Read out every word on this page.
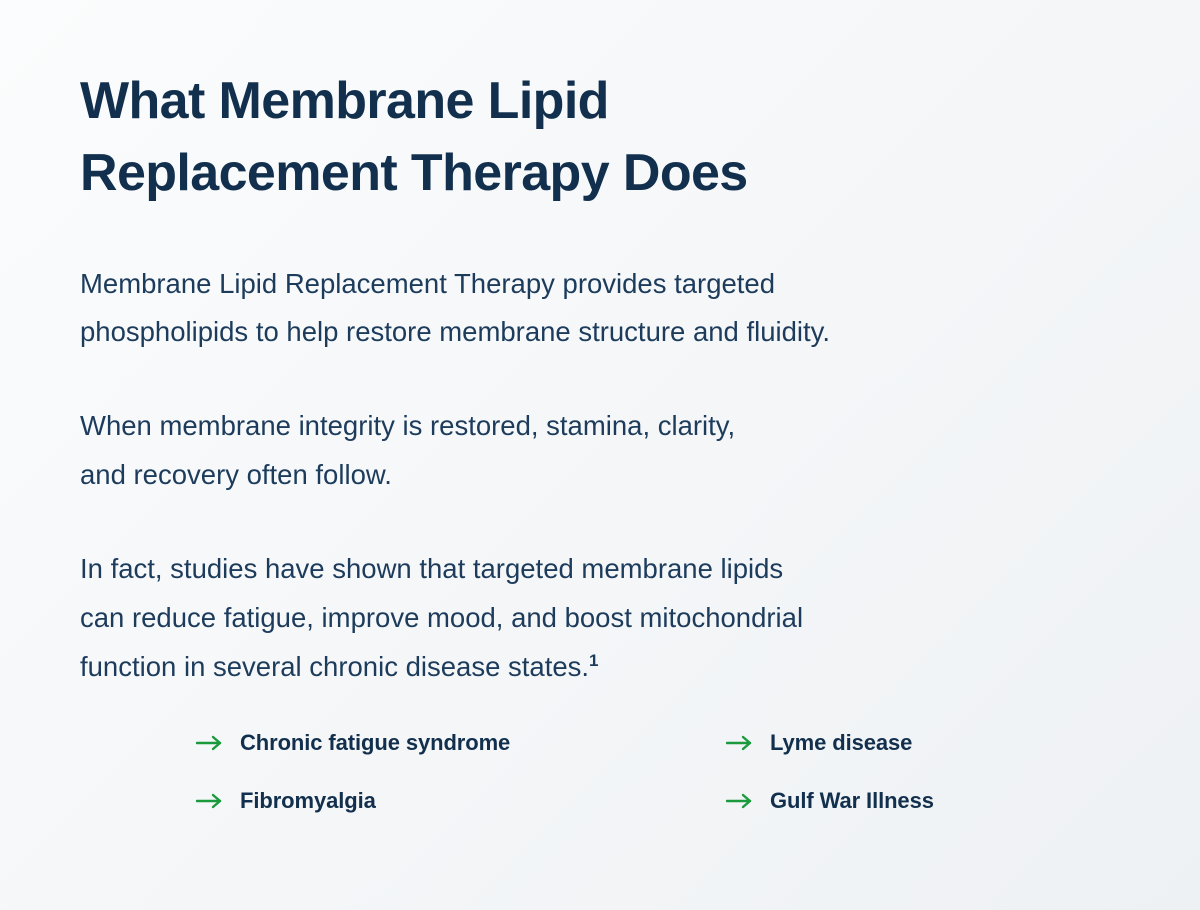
What Membrane Lipid
Replacement Therapy Does

Membrane Lipid Replacement Therapy provides targeted
phospholipids to help restore membrane structure and fluidity.

When membrane integrity is restored, stamina, clarity,
and recovery often follow.

In fact, studies have shown that targeted membrane lipids
can reduce fatigue, improve mood, and boost mitochondrial
function in several chronic disease states.$^1$

Chronic fatigue syndrome	Lyme disease
Fibromyalgia	Gulf War Illness
